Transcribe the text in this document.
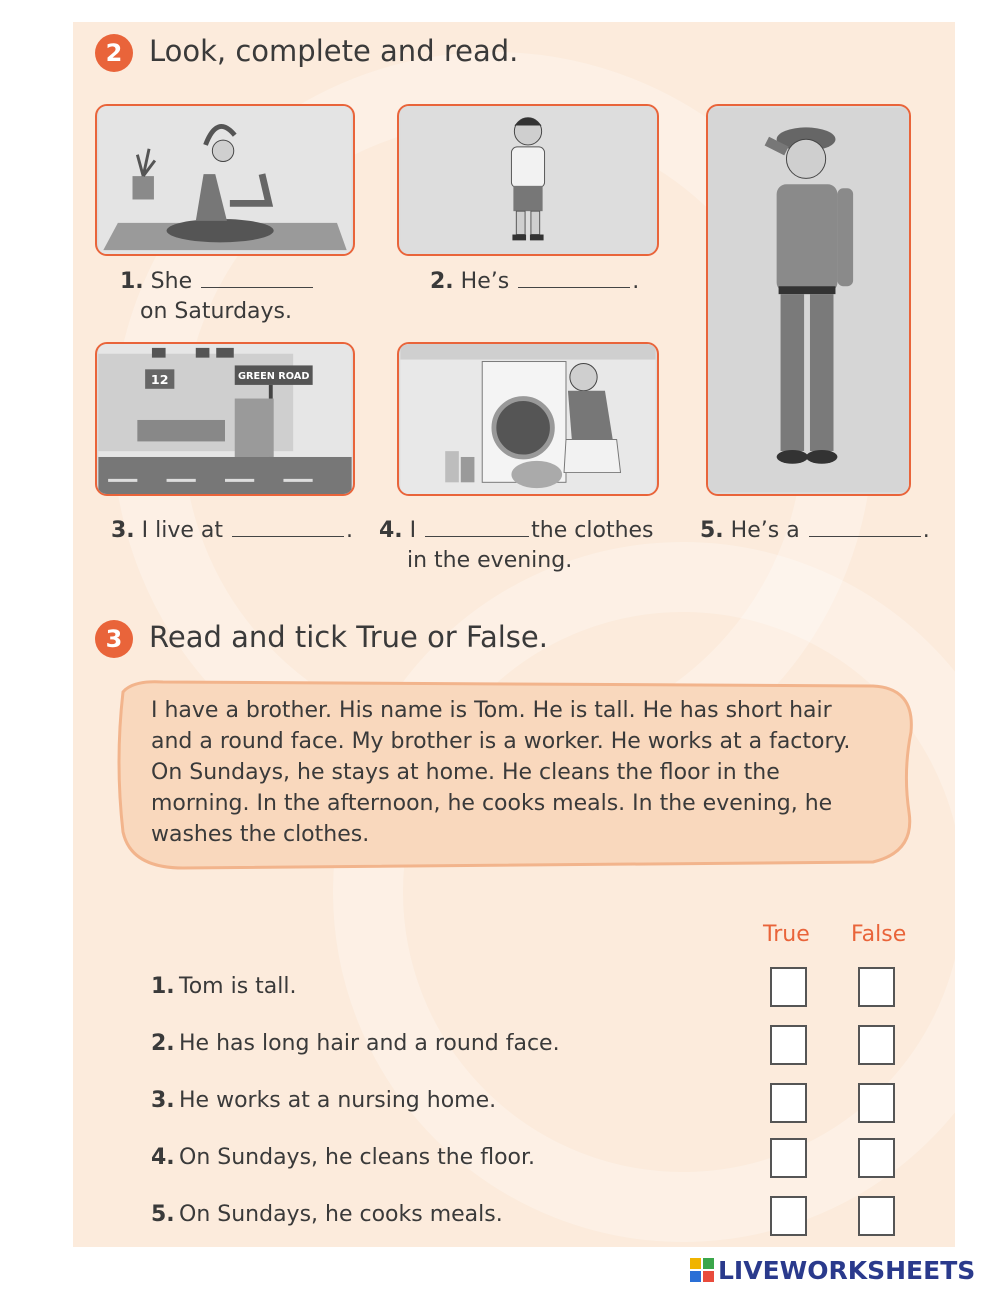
2 Look, complete and read.
1. She
on Saturdays.
2. He’s	.
12	GREEN ROAD
3. I live at	. 4. I	the clothes
in the evening.
5. He’s a	.
3 Read and tick True or False.
I have a brother. His name is Tom. He is tall. He has short hair and a round face. My brother is a worker. He works at a factory. On Sundays, he stays at home. He cleans the floor in the morning. In the afternoon, he cooks meals. In the evening, he washes the clothes.
True False
1. Tom is tall.
2. He has long hair and a round face.
3. He works at a nursing home.
4. On Sundays, he cleans the floor.
5. On Sundays, he cooks meals.
LIVEWORKSHEETS
